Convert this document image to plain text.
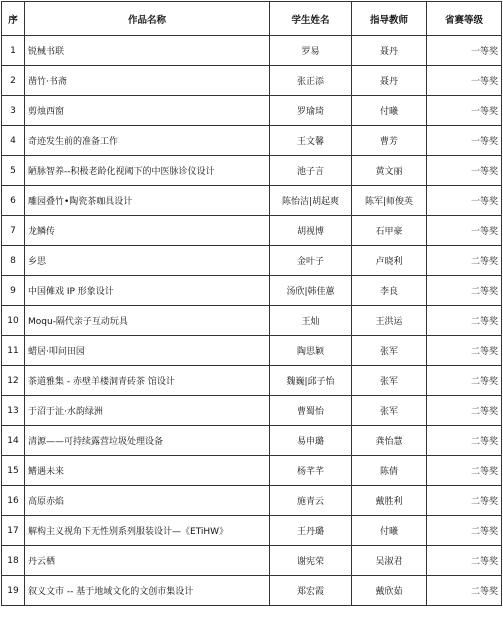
序	作品名称	学生姓名	指导教师	省赛等级
1	锐械书联	罗易	聂丹	一等奖
2	凿竹·书斋	张正添	聂丹	一等奖
3	剪烛西窗	罗瑜琦	付曦	一等奖
4	奇迹发生前的准备工作	王文馨	曹芳	一等奖
5	陋脉智养--积极老龄化视阈下的中医脉诊仪设计	池子言	黄文丽	一等奖
6	雕园叠竹•陶瓷茶咖具设计	陈怡洁|胡起爽	陈军|师俊英	一等奖
7	龙鳞传	胡视博	石甲豪	一等奖
8	乡思	金叶子	卢晓利	二等奖
9	中国傩戏 IP 形象设计	汤欣|韩佳蕙	李良	二等奖
10	Moqu-隔代亲子互动玩具	王灿	王洪运	二等奖
11	蜡居·叩问田园	陶思颖	张军	二等奖
12	茶道雅集 - 赤壁羊楼洞青砖茶 馆设计	魏巍|邱子怡	张军	二等奖
13	于沼于沚·水韵绿洲	曹蜀怡	张军	二等奖
14	清源——可持续露营垃圾处理设备	易申璐	龚怡慧	二等奖
15	鳍遇未来	杨芊芊	陈倩	二等奖
16	高原赤焰	施青云	戴胜利	二等奖
17	解构主义视角下无性别系列服装设计—《ETiHW》	王丹璐	付曦	二等奖
18	丹云栖	谢宪荣	吴淑君	二等奖
19	叙义文市 -- 基于地域文化的文创市集设计	郑宏霞	戴欣茹	二等奖
